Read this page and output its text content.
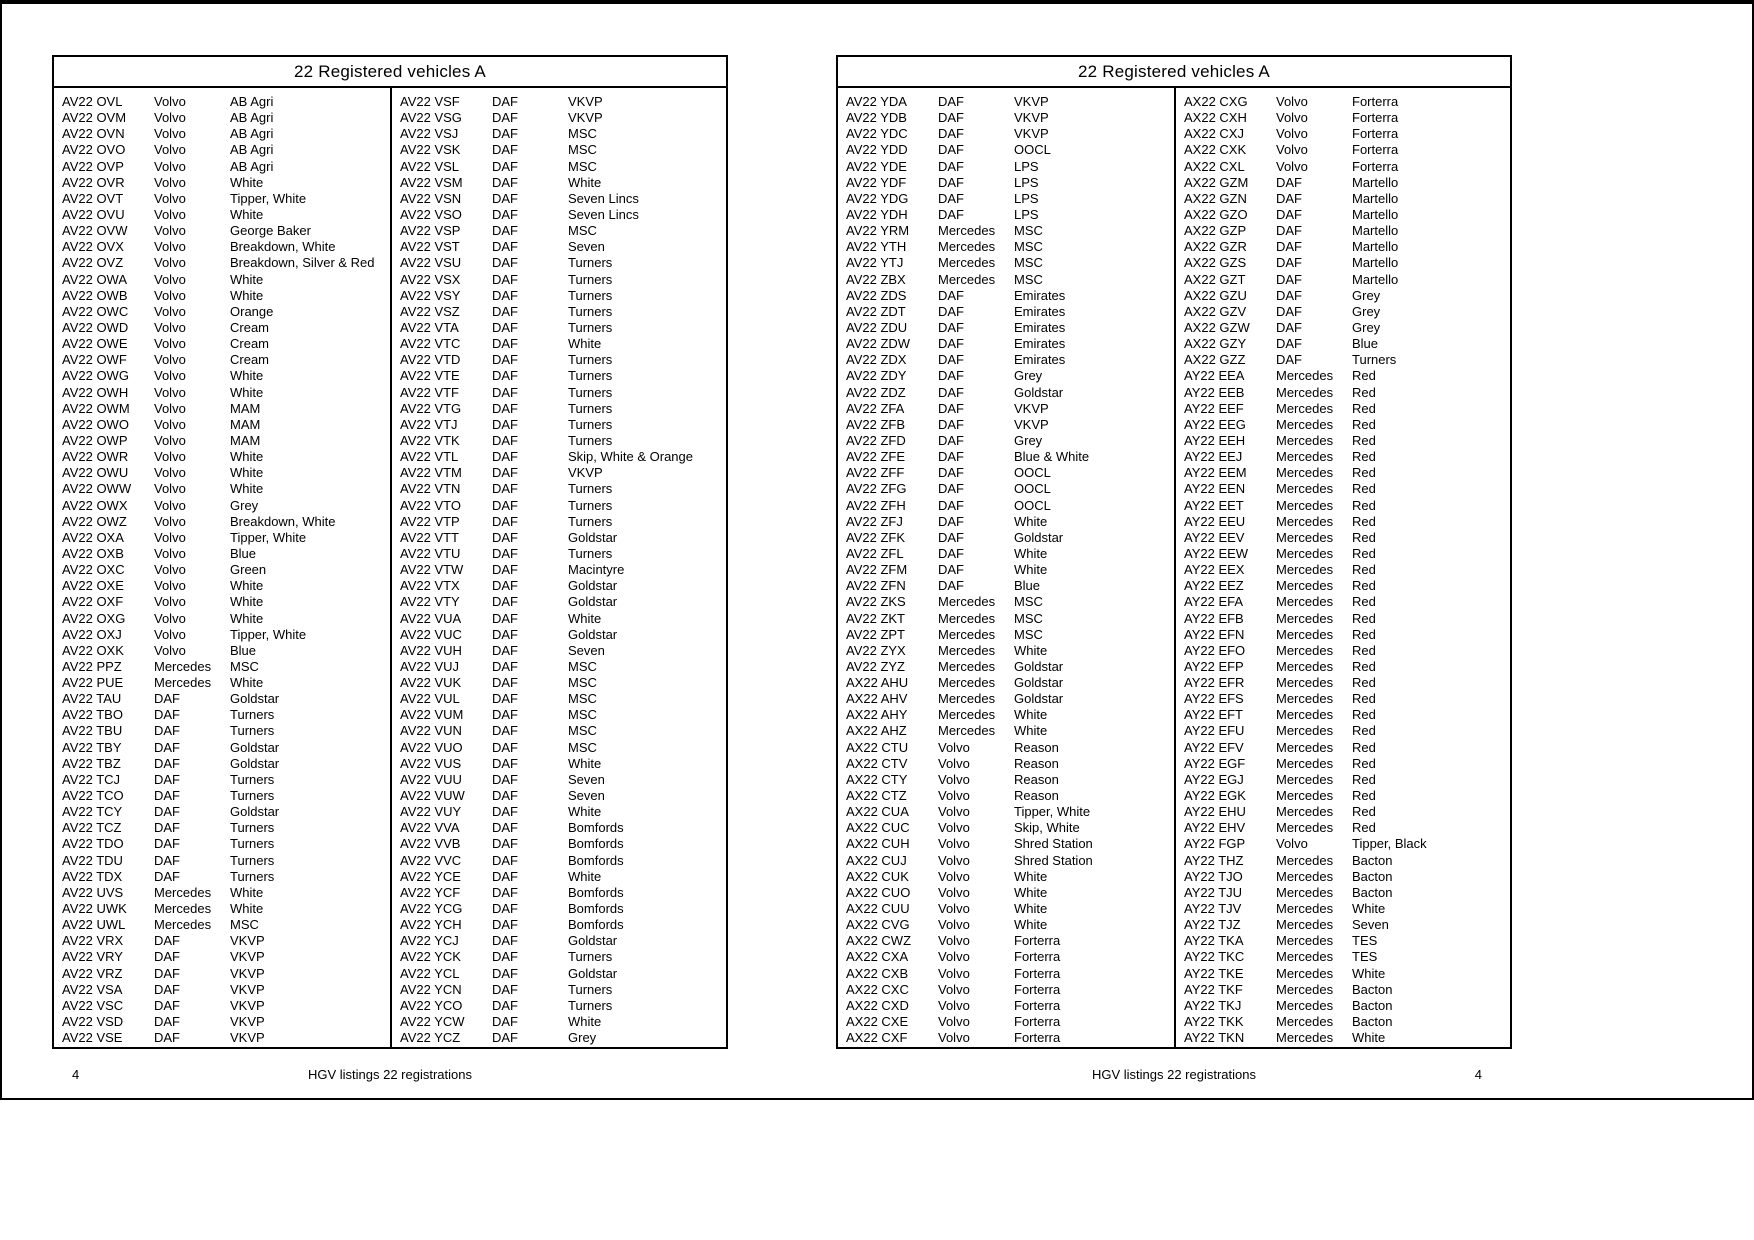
22 Registered vehicles A
AV22 OVL	Volvo	AB Agri
AV22 OVM	Volvo	AB Agri
AV22 OVN	Volvo	AB Agri
AV22 OVO	Volvo	AB Agri
AV22 OVP	Volvo	AB Agri
AV22 OVR	Volvo	White
AV22 OVT	Volvo	Tipper, White
AV22 OVU	Volvo	White
AV22 OVW	Volvo	George Baker
AV22 OVX	Volvo	Breakdown, White
AV22 OVZ	Volvo	Breakdown, Silver & Red
AV22 OWA	Volvo	White
AV22 OWB	Volvo	White
AV22 OWC	Volvo	Orange
AV22 OWD	Volvo	Cream
AV22 OWE	Volvo	Cream
AV22 OWF	Volvo	Cream
AV22 OWG	Volvo	White
AV22 OWH	Volvo	White
AV22 OWM	Volvo	MAM
AV22 OWO	Volvo	MAM
AV22 OWP	Volvo	MAM
AV22 OWR	Volvo	White
AV22 OWU	Volvo	White
AV22 OWW	Volvo	White
AV22 OWX	Volvo	Grey
AV22 OWZ	Volvo	Breakdown, White
AV22 OXA	Volvo	Tipper, White
AV22 OXB	Volvo	Blue
AV22 OXC	Volvo	Green
AV22 OXE	Volvo	White
AV22 OXF	Volvo	White
AV22 OXG	Volvo	White
AV22 OXJ	Volvo	Tipper, White
AV22 OXK	Volvo	Blue
AV22 PPZ	Mercedes	MSC
AV22 PUE	Mercedes	White
AV22 TAU	DAF	Goldstar
AV22 TBO	DAF	Turners
AV22 TBU	DAF	Turners
AV22 TBY	DAF	Goldstar
AV22 TBZ	DAF	Goldstar
AV22 TCJ	DAF	Turners
AV22 TCO	DAF	Turners
AV22 TCY	DAF	Goldstar
AV22 TCZ	DAF	Turners
AV22 TDO	DAF	Turners
AV22 TDU	DAF	Turners
AV22 TDX	DAF	Turners
AV22 UVS	Mercedes	White
AV22 UWK	Mercedes	White
AV22 UWL	Mercedes	MSC
AV22 VRX	DAF	VKVP
AV22 VRY	DAF	VKVP
AV22 VRZ	DAF	VKVP
AV22 VSA	DAF	VKVP
AV22 VSC	DAF	VKVP
AV22 VSD	DAF	VKVP
AV22 VSE	DAF	VKVP
AV22 VSF	DAF	VKVP
AV22 VSG	DAF	VKVP
AV22 VSJ	DAF	MSC
AV22 VSK	DAF	MSC
AV22 VSL	DAF	MSC
AV22 VSM	DAF	White
AV22 VSN	DAF	Seven Lincs
AV22 VSO	DAF	Seven Lincs
AV22 VSP	DAF	MSC
AV22 VST	DAF	Seven
AV22 VSU	DAF	Turners
AV22 VSX	DAF	Turners
AV22 VSY	DAF	Turners
AV22 VSZ	DAF	Turners
AV22 VTA	DAF	Turners
AV22 VTC	DAF	White
AV22 VTD	DAF	Turners
AV22 VTE	DAF	Turners
AV22 VTF	DAF	Turners
AV22 VTG	DAF	Turners
AV22 VTJ	DAF	Turners
AV22 VTK	DAF	Turners
AV22 VTL	DAF	Skip, White & Orange
AV22 VTM	DAF	VKVP
AV22 VTN	DAF	Turners
AV22 VTO	DAF	Turners
AV22 VTP	DAF	Turners
AV22 VTT	DAF	Goldstar
AV22 VTU	DAF	Turners
AV22 VTW	DAF	Macintyre
AV22 VTX	DAF	Goldstar
AV22 VTY	DAF	Goldstar
AV22 VUA	DAF	White
AV22 VUC	DAF	Goldstar
AV22 VUH	DAF	Seven
AV22 VUJ	DAF	MSC
AV22 VUK	DAF	MSC
AV22 VUL	DAF	MSC
AV22 VUM	DAF	MSC
AV22 VUN	DAF	MSC
AV22 VUO	DAF	MSC
AV22 VUS	DAF	White
AV22 VUU	DAF	Seven
AV22 VUW	DAF	Seven
AV22 VUY	DAF	White
AV22 VVA	DAF	Bomfords
AV22 VVB	DAF	Bomfords
AV22 VVC	DAF	Bomfords
AV22 YCE	DAF	White
AV22 YCF	DAF	Bomfords
AV22 YCG	DAF	Bomfords
AV22 YCH	DAF	Bomfords
AV22 YCJ	DAF	Goldstar
AV22 YCK	DAF	Turners
AV22 YCL	DAF	Goldstar
AV22 YCN	DAF	Turners
AV22 YCO	DAF	Turners
AV22 YCW	DAF	White
AV22 YCZ	DAF	Grey
22 Registered vehicles A
AV22 YDA	DAF	VKVP
AV22 YDB	DAF	VKVP
AV22 YDC	DAF	VKVP
AV22 YDD	DAF	OOCL
AV22 YDE	DAF	LPS
AV22 YDF	DAF	LPS
AV22 YDG	DAF	LPS
AV22 YDH	DAF	LPS
AV22 YRM	Mercedes	MSC
AV22 YTH	Mercedes	MSC
AV22 YTJ	Mercedes	MSC
AV22 ZBX	Mercedes	MSC
AV22 ZDS	DAF	Emirates
AV22 ZDT	DAF	Emirates
AV22 ZDU	DAF	Emirates
AV22 ZDW	DAF	Emirates
AV22 ZDX	DAF	Emirates
AV22 ZDY	DAF	Grey
AV22 ZDZ	DAF	Goldstar
AV22 ZFA	DAF	VKVP
AV22 ZFB	DAF	VKVP
AV22 ZFD	DAF	Grey
AV22 ZFE	DAF	Blue & White
AV22 ZFF	DAF	OOCL
AV22 ZFG	DAF	OOCL
AV22 ZFH	DAF	OOCL
AV22 ZFJ	DAF	White
AV22 ZFK	DAF	Goldstar
AV22 ZFL	DAF	White
AV22 ZFM	DAF	White
AV22 ZFN	DAF	Blue
AV22 ZKS	Mercedes	MSC
AV22 ZKT	Mercedes	MSC
AV22 ZPT	Mercedes	MSC
AV22 ZYX	Mercedes	White
AV22 ZYZ	Mercedes	Goldstar
AX22 AHU	Mercedes	Goldstar
AX22 AHV	Mercedes	Goldstar
AX22 AHY	Mercedes	White
AX22 AHZ	Mercedes	White
AX22 CTU	Volvo	Reason
AX22 CTV	Volvo	Reason
AX22 CTY	Volvo	Reason
AX22 CTZ	Volvo	Reason
AX22 CUA	Volvo	Tipper, White
AX22 CUC	Volvo	Skip, White
AX22 CUH	Volvo	Shred Station
AX22 CUJ	Volvo	Shred Station
AX22 CUK	Volvo	White
AX22 CUO	Volvo	White
AX22 CUU	Volvo	White
AX22 CVG	Volvo	White
AX22 CWZ	Volvo	Forterra
AX22 CXA	Volvo	Forterra
AX22 CXB	Volvo	Forterra
AX22 CXC	Volvo	Forterra
AX22 CXD	Volvo	Forterra
AX22 CXE	Volvo	Forterra
AX22 CXF	Volvo	Forterra
AX22 CXG	Volvo	Forterra
AX22 CXH	Volvo	Forterra
AX22 CXJ	Volvo	Forterra
AX22 CXK	Volvo	Forterra
AX22 CXL	Volvo	Forterra
AX22 GZM	DAF	Martello
AX22 GZN	DAF	Martello
AX22 GZO	DAF	Martello
AX22 GZP	DAF	Martello
AX22 GZR	DAF	Martello
AX22 GZS	DAF	Martello
AX22 GZT	DAF	Martello
AX22 GZU	DAF	Grey
AX22 GZV	DAF	Grey
AX22 GZW	DAF	Grey
AX22 GZY	DAF	Blue
AX22 GZZ	DAF	Turners
AY22 EEA	Mercedes	Red
AY22 EEB	Mercedes	Red
AY22 EEF	Mercedes	Red
AY22 EEG	Mercedes	Red
AY22 EEH	Mercedes	Red
AY22 EEJ	Mercedes	Red
AY22 EEM	Mercedes	Red
AY22 EEN	Mercedes	Red
AY22 EET	Mercedes	Red
AY22 EEU	Mercedes	Red
AY22 EEV	Mercedes	Red
AY22 EEW	Mercedes	Red
AY22 EEX	Mercedes	Red
AY22 EEZ	Mercedes	Red
AY22 EFA	Mercedes	Red
AY22 EFB	Mercedes	Red
AY22 EFN	Mercedes	Red
AY22 EFO	Mercedes	Red
AY22 EFP	Mercedes	Red
AY22 EFR	Mercedes	Red
AY22 EFS	Mercedes	Red
AY22 EFT	Mercedes	Red
AY22 EFU	Mercedes	Red
AY22 EFV	Mercedes	Red
AY22 EGF	Mercedes	Red
AY22 EGJ	Mercedes	Red
AY22 EGK	Mercedes	Red
AY22 EHU	Mercedes	Red
AY22 EHV	Mercedes	Red
AY22 FGP	Volvo	Tipper, Black
AY22 THZ	Mercedes	Bacton
AY22 TJO	Mercedes	Bacton
AY22 TJU	Mercedes	Bacton
AY22 TJV	Mercedes	White
AY22 TJZ	Mercedes	Seven
AY22 TKA	Mercedes	TES
AY22 TKC	Mercedes	TES
AY22 TKE	Mercedes	White
AY22 TKF	Mercedes	Bacton
AY22 TKJ	Mercedes	Bacton
AY22 TKK	Mercedes	Bacton
AY22 TKN	Mercedes	White
HGV listings 22 registrations	4
4	HGV listings 22 registrations
